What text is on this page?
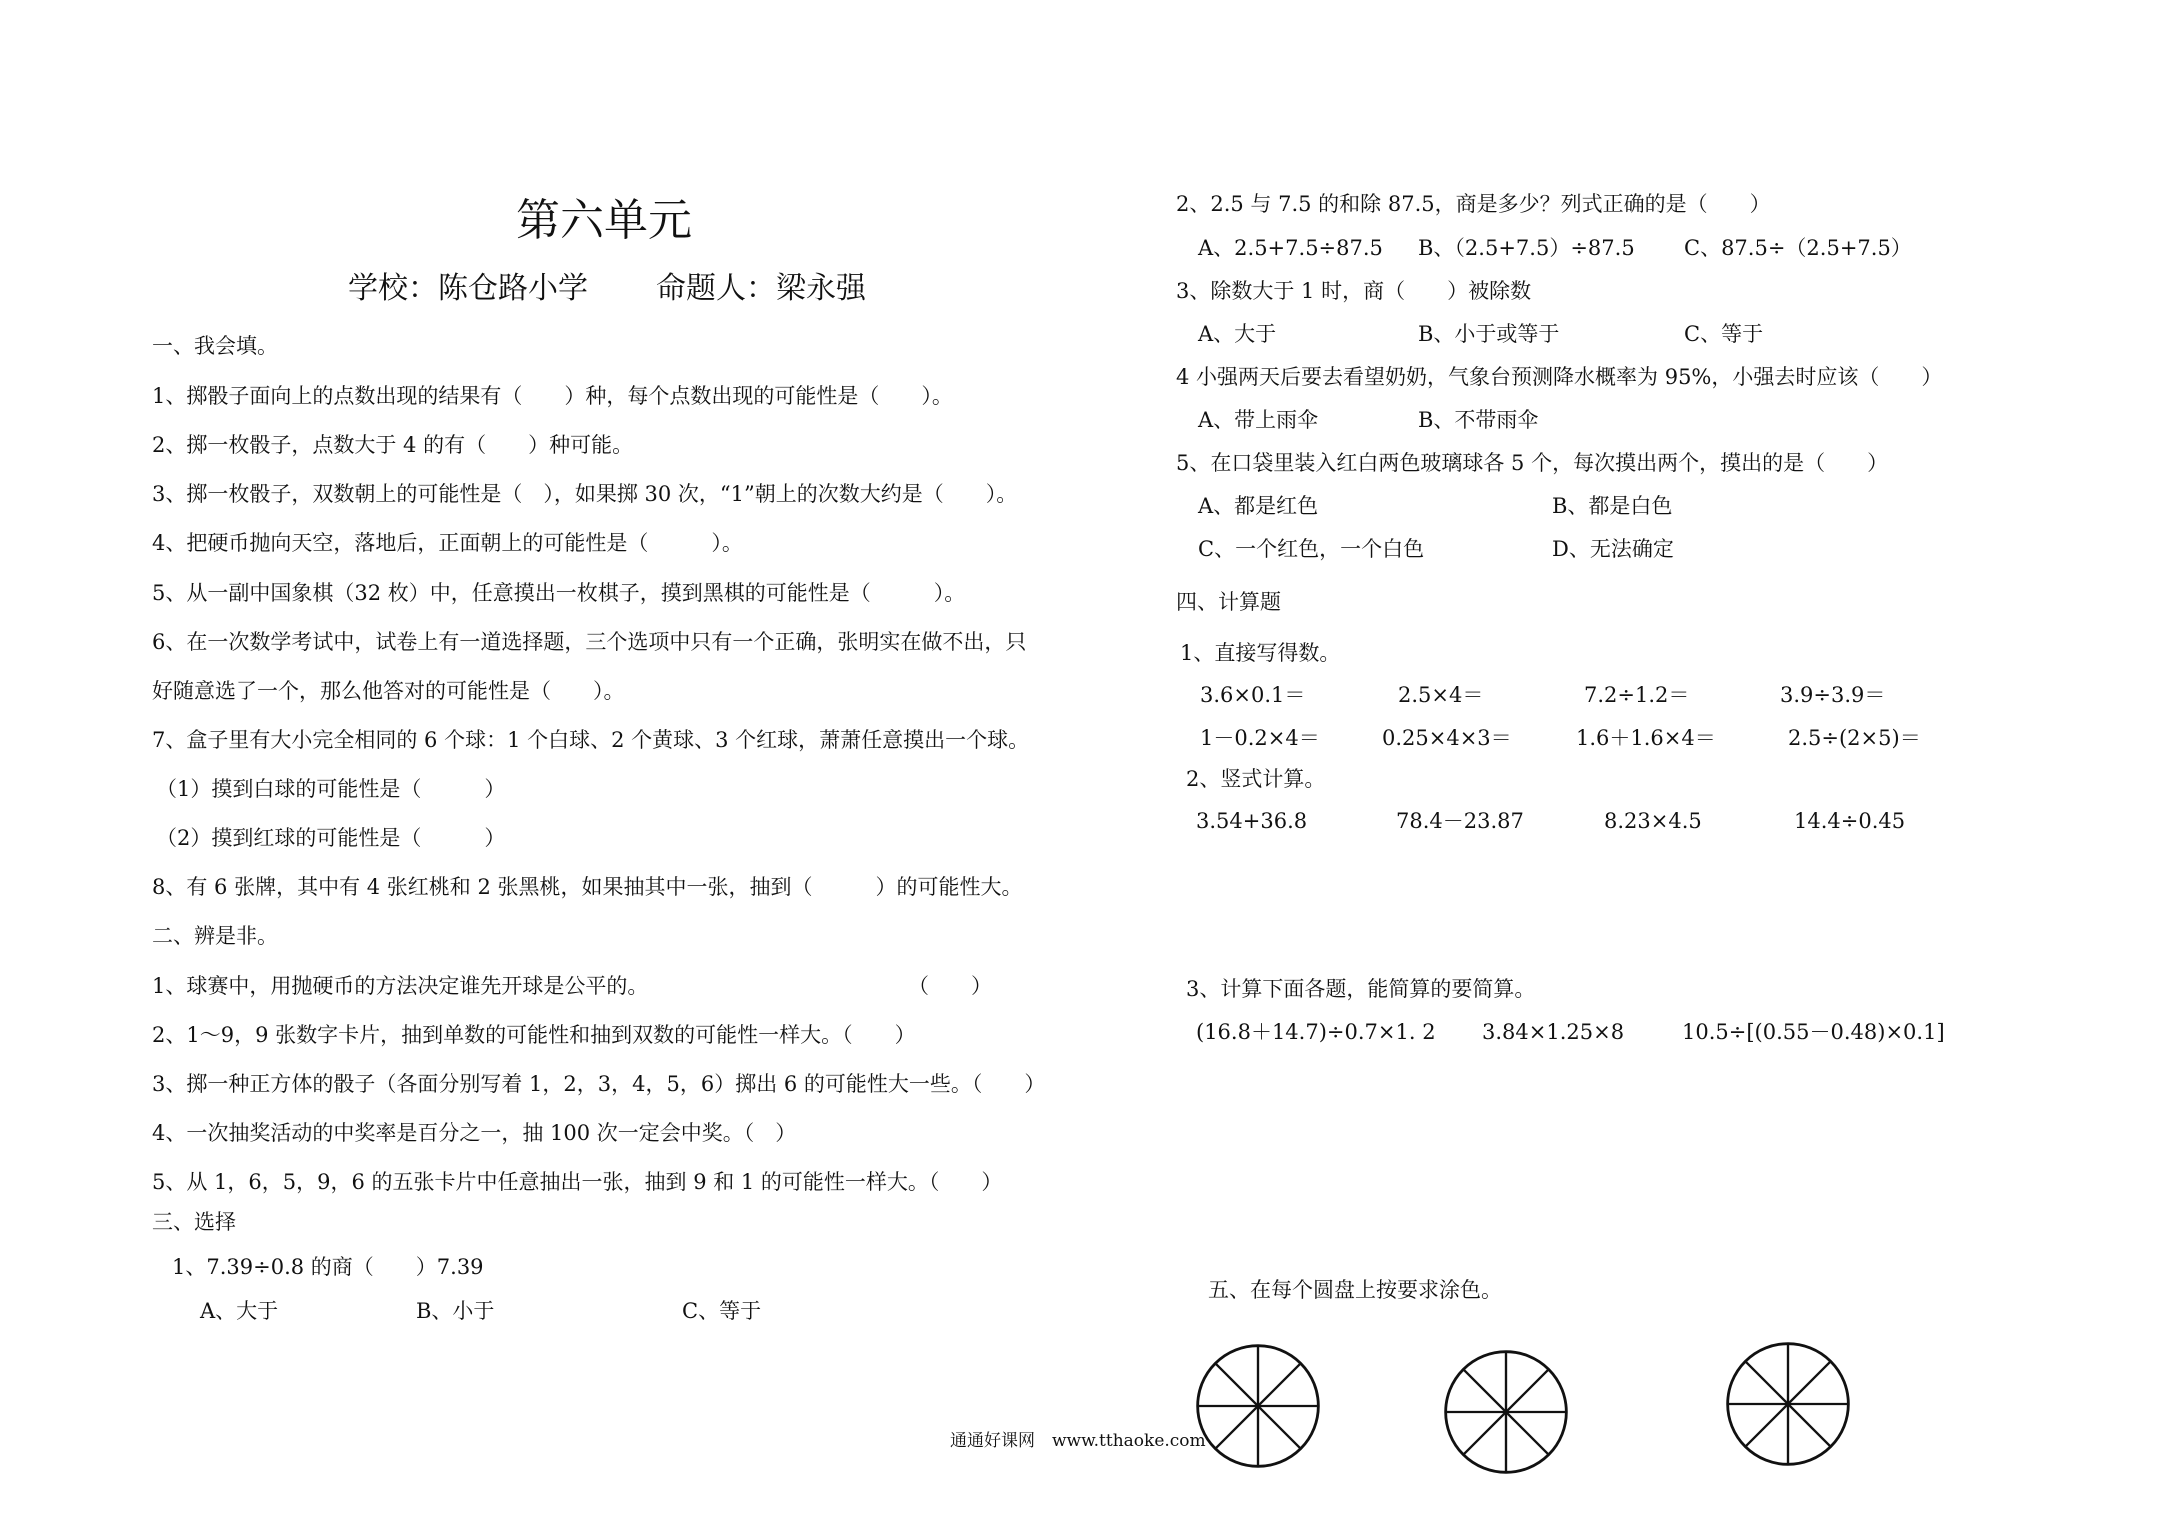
第六单元
学校：陈仓路小学 命题人：梁永强
一、我会填。
1、掷骰子面向上的点数出现的结果有（　　）种，每个点数出现的可能性是（　　）。
2、掷一枚骰子，点数大于 4 的有（　　）种可能。
3、掷一枚骰子，双数朝上的可能性是（　），如果掷 30 次，“1”朝上的次数大约是（　　）。
4、把硬币抛向天空，落地后，正面朝上的可能性是（　　　）。
5、从一副中国象棋（32 枚）中，任意摸出一枚棋子，摸到黑棋的可能性是（　　　）。
6、在一次数学考试中，试卷上有一道选择题，三个选项中只有一个正确，张明实在做不出，只
好随意选了一个，那么他答对的可能性是（　　）。
7、盒子里有大小完全相同的 6 个球：1 个白球、2 个黄球、3 个红球，萧萧任意摸出一个球。
（1）摸到白球的可能性是（　　　）
（2）摸到红球的可能性是（　　　）
8、有 6 张牌，其中有 4 张红桃和 2 张黑桃，如果抽其中一张，抽到（　　　）的可能性大。
二、辨是非。
1、球赛中，用抛硬币的方法决定谁先开球是公平的。	（　　）
2、1～9，9 张数字卡片，抽到单数的可能性和抽到双数的可能性一样大。（　　）
3、掷一种正方体的骰子（各面分别写着 1，2，3，4，5，6）掷出 6 的可能性大一些。（　　）
4、一次抽奖活动的中奖率是百分之一，抽 100 次一定会中奖。（　）
5、从 1，6，5，9，6 的五张卡片中任意抽出一张，抽到 9 和 1 的可能性一样大。（　　）
三、选择
1、7.39÷0.8 的商（　　）7.39
A、大于	B、小于	C、等于
通通好课网　www.tthaoke.com
2、2.5 与 7.5 的和除 87.5，商是多少？列式正确的是（　　）
A、2.5+7.5÷87.5 B、（2.5+7.5）÷87.5 C、87.5÷（2.5+7.5）
3、除数大于 1 时，商（　　）被除数
A、大于	B、小于或等于	C、等于
4 小强两天后要去看望奶奶，气象台预测降水概率为 95%，小强去时应该（　　）
A、带上雨伞	B、不带雨伞
5、在口袋里装入红白两色玻璃球各 5 个，每次摸出两个，摸出的是（　　）
A、都是红色	B、都是白色
C、一个红色，一个白色	D、无法确定
四、计算题
1、直接写得数。
3.6×0.1＝	2.5×4＝	7.2÷1.2＝	3.9÷3.9＝
1－0.2×4＝	0.25×4×3＝	1.6＋1.6×4＝	2.5÷(2×5)＝
2、竖式计算。
3.54+36.8	78.4－23.87	8.23×4.5	14.4÷0.45
3、计算下面各题，能简算的要简算。
(16.8＋14.7)÷0.7×1. 2 3.84×1.25×8	10.5÷[(0.55－0.48)×0.1]
五、在每个圆盘上按要求涂色。
